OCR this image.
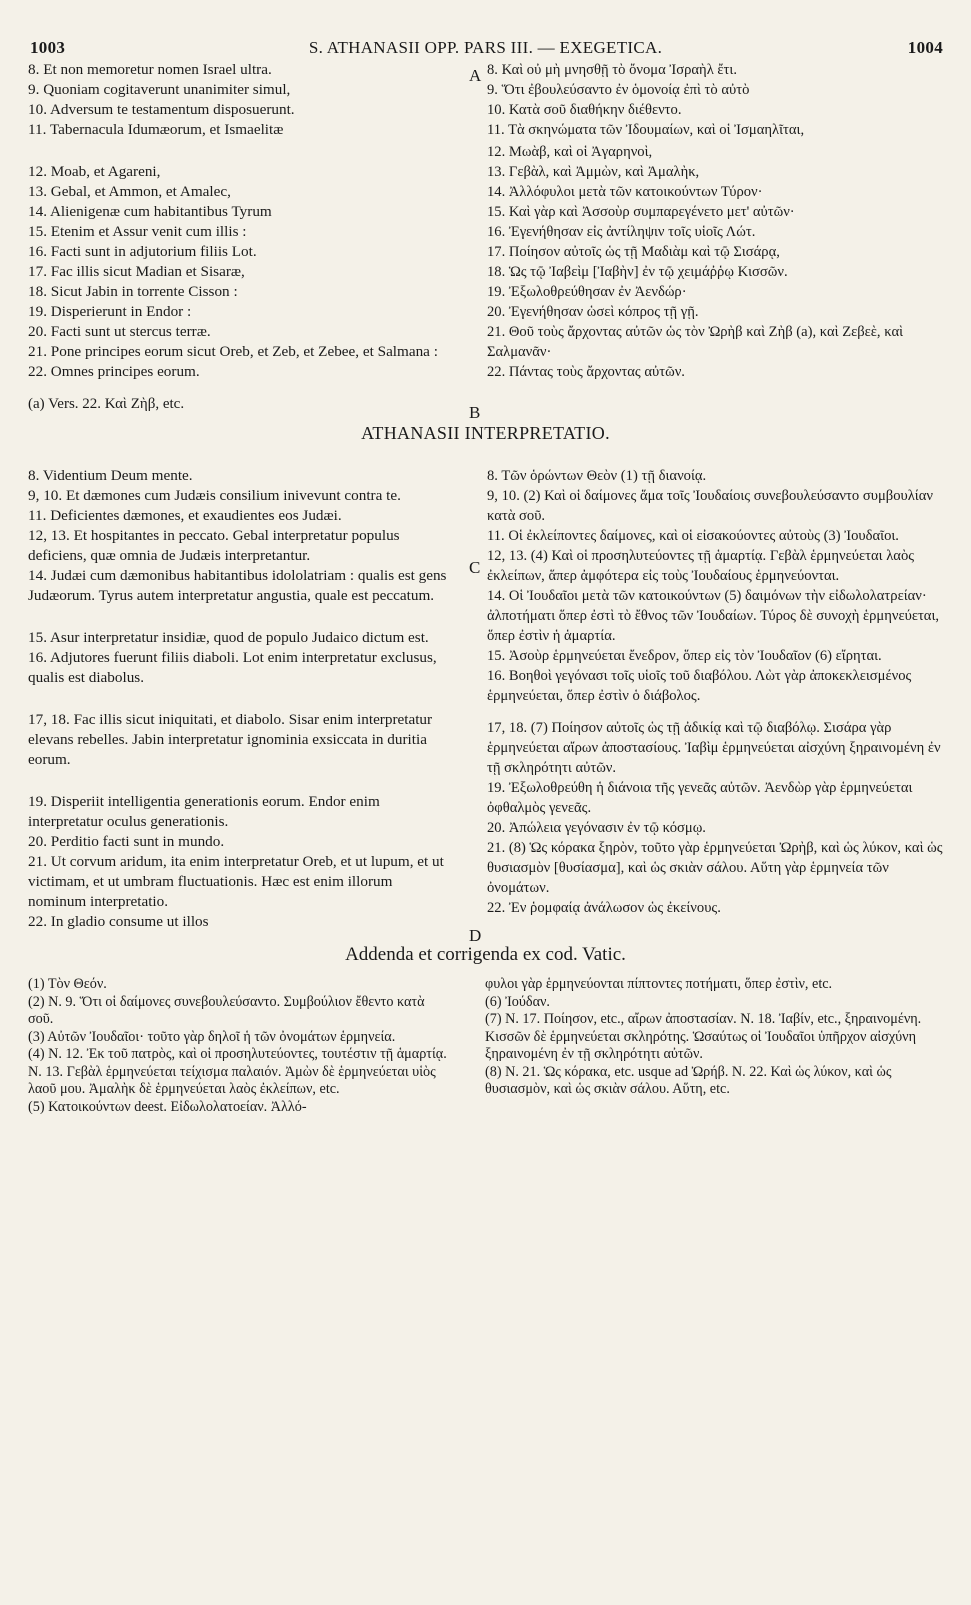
1003	S. ATHANASII OPP. PARS III. — EXEGETICA.	1004
A
B

8. Et non memoretur nomen Israel ultra.

9. Quoniam cogitaverunt unanimiter simul,

10. Adversum te testamentum disposuerunt.

11. Tabernacula Idumæorum, et Ismaelitæ

12. Moab, et Agareni,

13. Gebal, et Ammon, et Amalec,

14. Alienigenæ cum habitantibus Tyrum

15. Etenim et Assur venit cum illis :

16. Facti sunt in adjutorium filiis Lot.

17. Fac illis sicut Madian et Sisaræ,

18. Sicut Jabin in torrente Cisson :

19. Disperierunt in Endor :

20. Facti sunt ut stercus terræ.

21. Pone principes eorum sicut Oreb, et Zeb, et Zebee, et Salmana :

22. Omnes principes eorum.

8. Καὶ οὐ μὴ μνησθῇ τὸ ὄνομα Ἰσραὴλ ἔτι.

9. Ὅτι ἐβουλεύσαντο ἐν ὁμονοίᾳ ἐπὶ τὸ αὐτὸ

10. Κατὰ σοῦ διαθήκην διέθεντο.

11. Τὰ σκηνώματα τῶν Ἰδουμαίων, καὶ οἱ Ἰσμαηλῖται,

12. Μωὰβ, καὶ οἱ Ἀγαρηνοὶ,

13. Γεβὰλ, καὶ Ἀμμὼν, καὶ Ἀμαλὴκ,

14. Ἀλλόφυλοι μετὰ τῶν κατοικούντων Τύρον·

15. Καὶ γὰρ καὶ Ἀσσοὺρ συμπαρεγένετο μετ' αὐτῶν·

16. Ἐγενήθησαν εἰς ἀντίληψιν τοῖς υἱοῖς Λώτ.

17. Ποίησον αὐτοῖς ὡς τῇ Μαδιὰμ καὶ τῷ Σισάρᾳ,

18. Ὡς τῷ Ἰαβεὶμ [Ἰαβὴν] ἐν τῷ χειμάῤῥῳ Κισσῶν.

19. Ἐξωλοθρεύθησαν ἐν Ἀενδώρ·

20. Ἐγενήθησαν ὡσεὶ κόπρος τῇ γῇ.

21. Θοῦ τοὺς ἄρχοντας αὐτῶν ὡς τὸν Ὠρὴβ καὶ Ζὴβ (a), καὶ Ζεβεὲ, καὶ Σαλμανᾶν·

22. Πάντας τοὺς ἄρχοντας αὐτῶν.

(a) Vers. 22. Καὶ Ζὴβ, etc.

ATHANASII INTERPRETATIO.
C
D

8. Videntium Deum mente.

9, 10. Et dæmones cum Judæis consilium inivevunt contra te.

11. Deficientes dæmones, et exaudientes eos Judæi.

12, 13. Et hospitantes in peccato. Gebal interpretatur populus deficiens, quæ omnia de Judæis interpretantur.

14. Judæi cum dæmonibus habitantibus idololatriam : qualis est gens Judæorum. Tyrus autem interpretatur angustia, quale est peccatum.

15. Asur interpretatur insidiæ, quod de populo Judaico dictum est.

16. Adjutores fuerunt filiis diaboli. Lot enim interpretatur exclusus, qualis est diabolus.

17, 18. Fac illis sicut iniquitati, et diabolo. Sisar enim interpretatur elevans rebelles. Jabin interpretatur ignominia exsiccata in duritia eorum.

19. Disperiit intelligentia generationis eorum. Endor enim interpretatur oculus generationis.

20. Perditio facti sunt in mundo.

21. Ut corvum aridum, ita enim interpretatur Oreb, et ut lupum, et ut victimam, et ut umbram fluctuationis. Hæc est enim illorum nominum interpretatio.

22. In gladio consume ut illos

8. Τῶν ὁρώντων Θεὸν (1) τῇ διανοίᾳ.

9, 10. (2) Καὶ οἱ δαίμονες ἅμα τοῖς Ἰουδαίοις συνεβουλεύσαντο συμβουλίαν κατὰ σοῦ.

11. Οἱ ἐκλείποντες δαίμονες, καὶ οἱ εἰσακούοντες αὐτοὺς (3) Ἰουδαῖοι.

12, 13. (4) Καὶ οἱ προσηλυτεύοντες τῇ ἁμαρτίᾳ. Γεβὰλ ἑρμηνεύεται λαὸς ἐκλείπων, ἅπερ ἀμφότερα εἰς τοὺς Ἰουδαίους ἑρμηνεύονται.

14. Οἱ Ἰουδαῖοι μετὰ τῶν κατοικούντων (5) δαιμόνων τὴν εἰδωλολατρείαν· ἀλποτήματι ὅπερ ἐστὶ τὸ ἔθνος τῶν Ἰουδαίων. Τύρος δὲ συνοχὴ ἑρμηνεύεται, ὅπερ ἐστὶν ἡ ἁμαρτία.

15. Ἀσοὺρ ἑρμηνεύεται ἔνεδρον, ὅπερ εἰς τὸν Ἰουδαῖον (6) εἴρηται.

16. Βοηθοὶ γεγόνασι τοῖς υἱοῖς τοῦ διαβόλου. Λὼτ γὰρ ἀποκεκλεισμένος ἑρμηνεύεται, ὅπερ ἐστὶν ὁ διάβολος.

17, 18. (7) Ποίησον αὐτοῖς ὡς τῇ ἀδικίᾳ καὶ τῷ διαβόλῳ. Σισάρα γὰρ ἑρμηνεύεται αἴρων ἀποστασίους. Ἰαβὶμ ἑρμηνεύεται αἰσχύνη ξηραινομένη ἐν τῇ σκληρότητι αὐτῶν.

19. Ἐξωλοθρεύθη ἡ διάνοια τῆς γενεᾶς αὐτῶν. Ἀενδὼρ γὰρ ἑρμηνεύεται ὀφθαλμὸς γενεᾶς.

20. Ἀπώλεια γεγόνασιν ἐν τῷ κόσμῳ.

21. (8) Ὡς κόρακα ξηρὸν, τοῦτο γὰρ ἑρμηνεύεται Ὠρὴβ, καὶ ὡς λύκον, καὶ ὡς θυσιασμὸν [θυσίασμα], καὶ ὡς σκιὰν σάλου. Αὕτη γὰρ ἑρμηνεία τῶν ὀνομάτων.

22. Ἐν ῥομφαίᾳ ἀνάλωσον ὡς ἐκείνους.

Addenda et corrigenda ex cod. Vatic.

(1) Τὸν Θεόν.

(2) N. 9. Ὅτι οἱ δαίμονες συνεβουλεύσαντο. Συμβούλιον ἔθεντο κατὰ σοῦ.

(3) Αὐτῶν Ἰουδαῖοι· τοῦτο γὰρ δηλοῖ ἡ τῶν ὀνομάτων ἑρμηνεία.

(4) N. 12. Ἐκ τοῦ πατρὸς, καὶ οἱ προσηλυτεύοντες, τουτέστιν τῇ ἁμαρτίᾳ. N. 13. Γεβὰλ ἑρμηνεύεται τείχισμα παλαιόν. Ἀμὼν δὲ ἑρμηνεύεται υἱὸς λαοῦ μου. Ἀμαλὴκ δὲ ἑρμηνεύεται λαὸς ἐκλείπων, etc.

(5) Κατοικούντων deest. Εἰδωλολατοείαν. Ἀλλό-

φυλοι γὰρ ἑρμηνεύονται πίπτοντες ποτήματι, ὅπερ ἐστὶν, etc.

(6) Ἰούδαν.

(7) N. 17. Ποίησον, etc., αἴρων ἀποστασίαν. N. 18. Ἰαβίν, etc., ξηραινομένη. Κισσῶν δὲ ἑρμηνεύεται σκληρότης. Ὡσαύτως οἱ Ἰουδαῖοι ὑπῆρχον αἰσχύνη ξηραινομένη ἐν τῇ σκληρότητι αὐτῶν.

(8) N. 21. Ὡς κόρακα, etc. usque ad Ὠρήβ. N. 22. Καὶ ὡς λύκον, καὶ ὡς θυσιασμὸν, καὶ ὡς σκιὰν σάλου. Αὕτη, etc.
